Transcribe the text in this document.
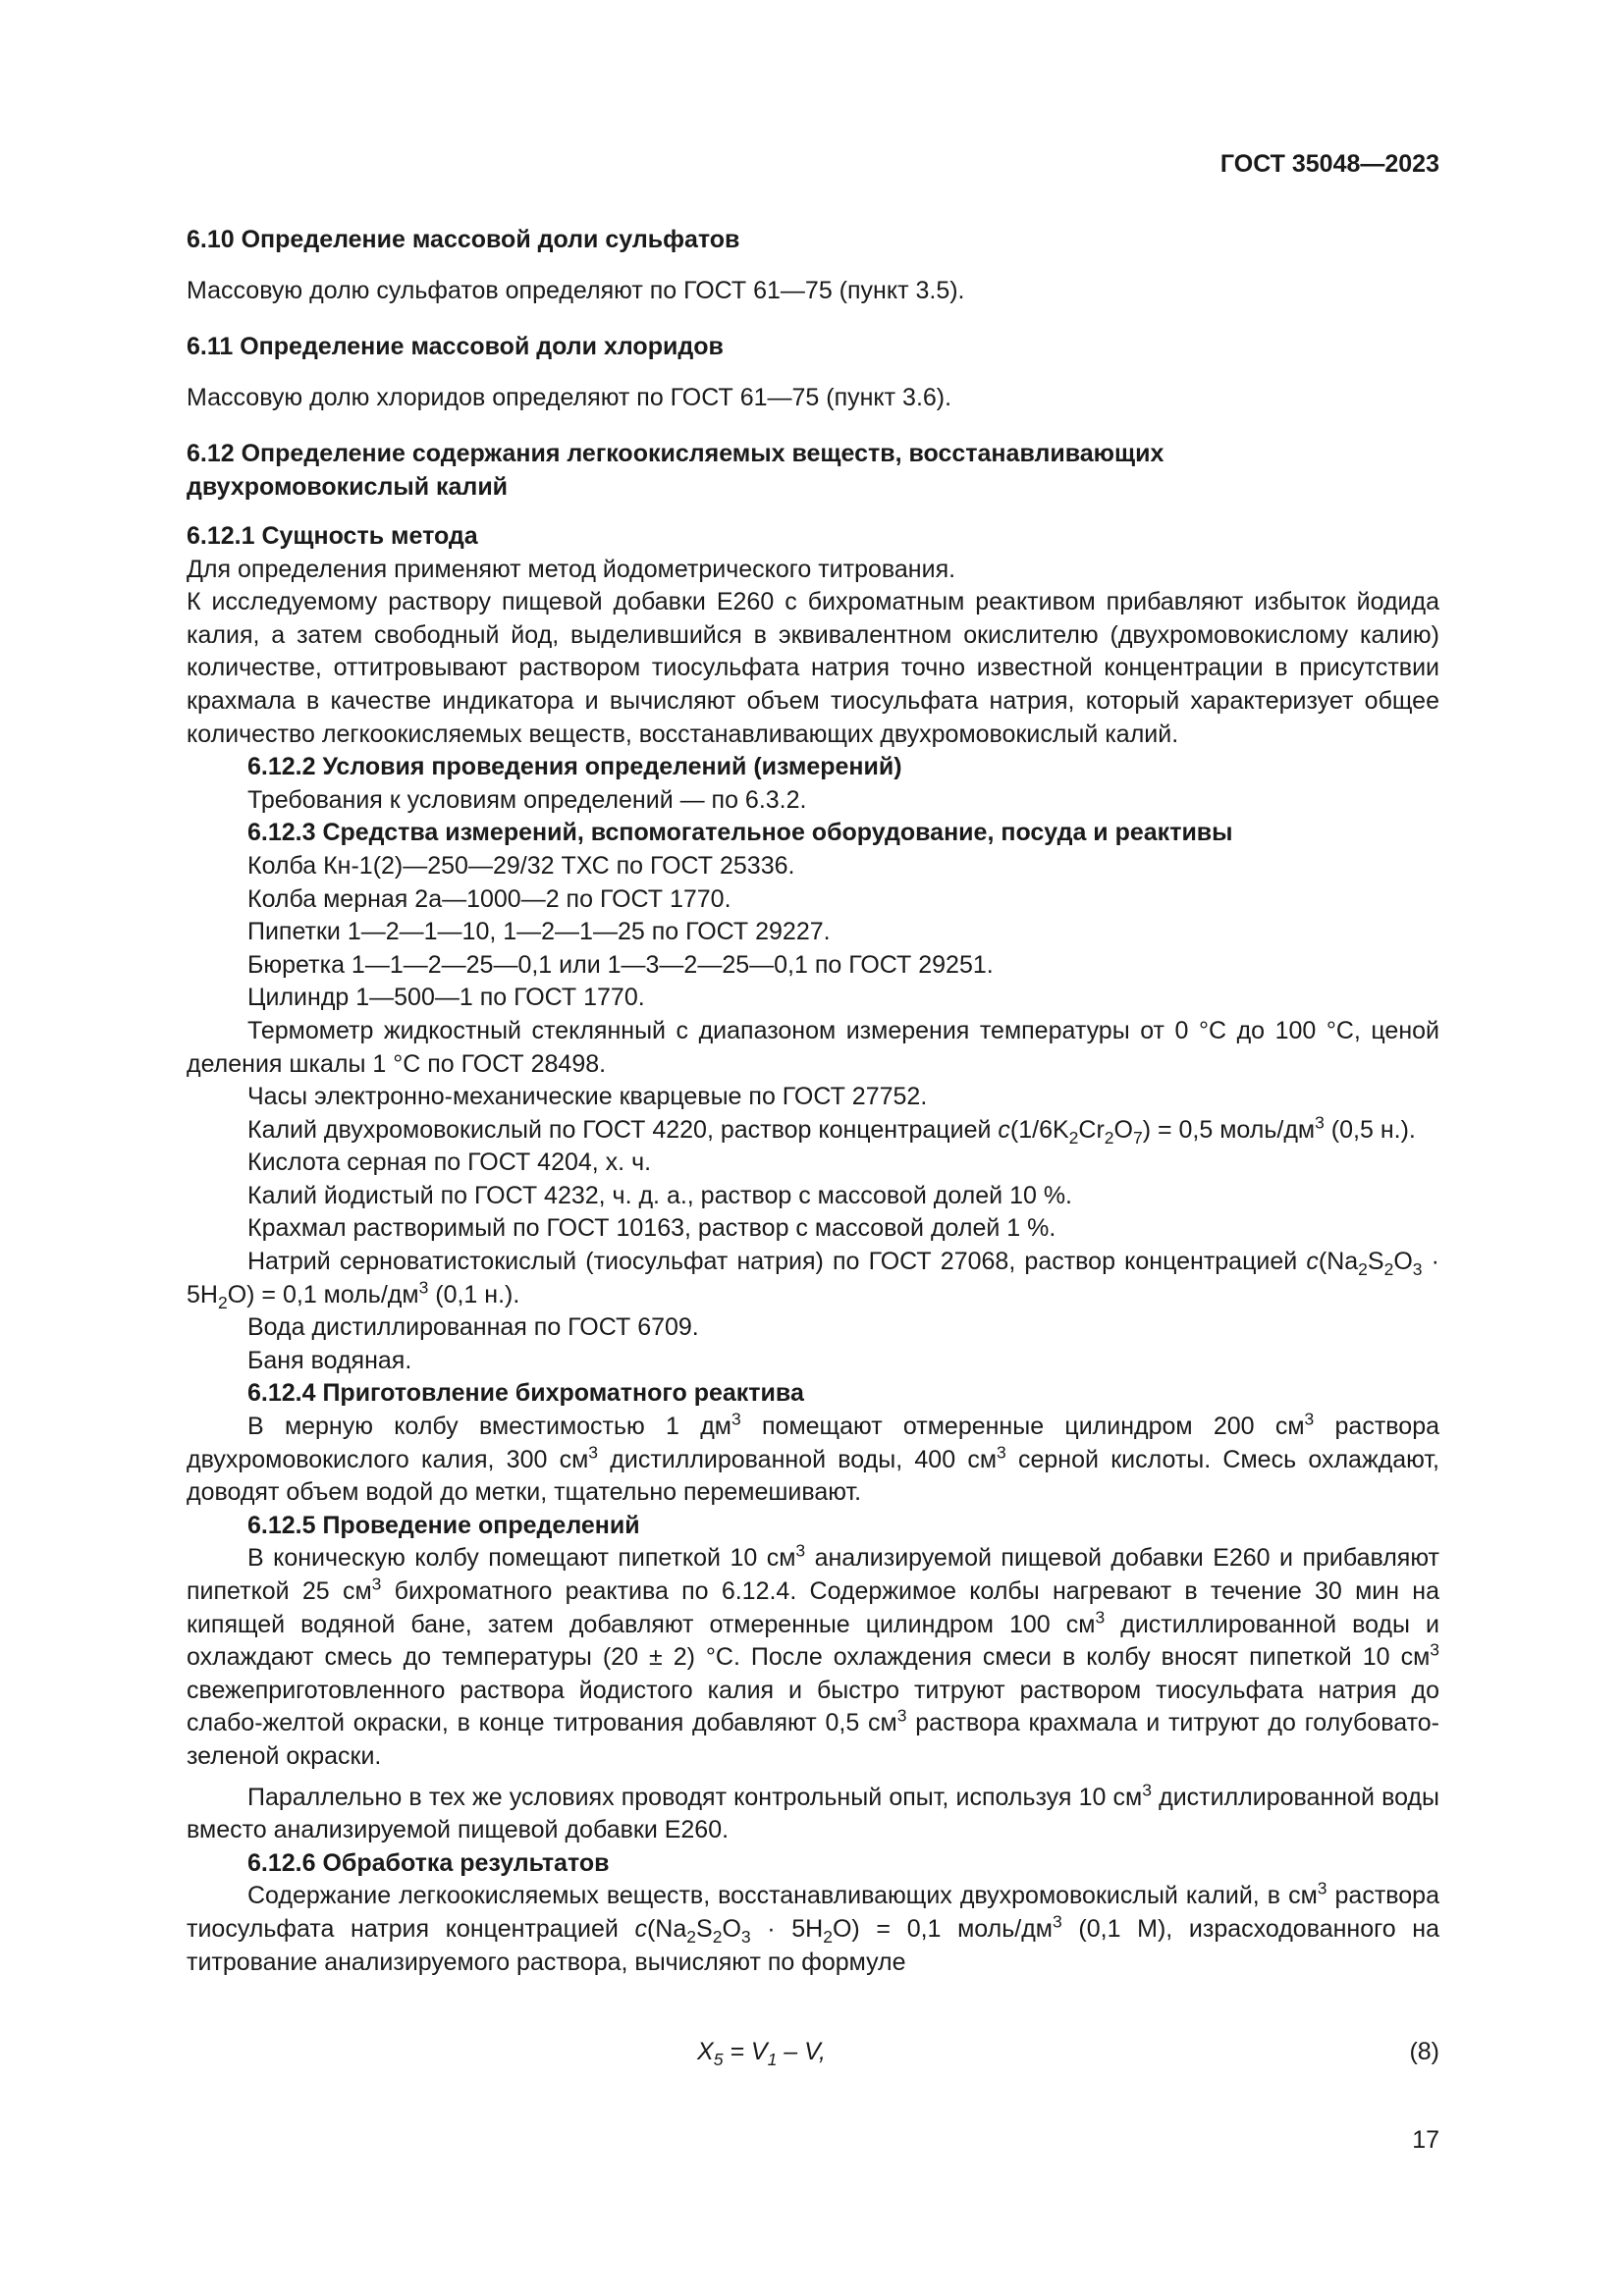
ГОСТ 35048—2023
6.10 Определение массовой доли сульфатов
Массовую долю сульфатов определяют по ГОСТ 61—75 (пункт 3.5).
6.11 Определение массовой доли хлоридов
Массовую долю хлоридов определяют по ГОСТ 61—75 (пункт 3.6).
6.12 Определение содержания легкоокисляемых веществ, восстанавливающих
двухромовокислый калий
6.12.1 Сущность метода
Для определения применяют метод йодометрического титрования.
К исследуемому раствору пищевой добавки Е260 с бихроматным реактивом прибавляют избыток йодида калия, а затем свободный йод, выделившийся в эквивалентном окислителю (двухромовокислому калию) количестве, оттитровывают раствором тиосульфата натрия точно известной концентрации в присутствии крахмала в качестве индикатора и вычисляют объем тиосульфата натрия, который характеризует общее количество легкоокисляемых веществ, восстанавливающих двухромовокислый калий.
6.12.2 Условия проведения определений (измерений)
Требования к условиям определений — по 6.3.2.
6.12.3 Средства измерений, вспомогательное оборудование, посуда и реактивы
Колба Кн-1(2)—250—29/32 ТХС по ГОСТ 25336.
Колба мерная 2а—1000—2 по ГОСТ 1770.
Пипетки 1—2—1—10, 1—2—1—25 по ГОСТ 29227.
Бюретка 1—1—2—25—0,1 или 1—3—2—25—0,1 по ГОСТ 29251.
Цилиндр 1—500—1 по ГОСТ 1770.
Термометр жидкостный стеклянный с диапазоном измерения температуры от 0 °С до 100 °С, ценой деления шкалы 1 °С по ГОСТ 28498.
Часы электронно-механические кварцевые по ГОСТ 27752.
Калий двухромовокислый по ГОСТ 4220, раствор концентрацией $c(1/6K_2Cr_2O_7) = 0,5$ моль/$дм^3$ (0,5 н.).
Кислота серная по ГОСТ 4204, х. ч.
Калий йодистый по ГОСТ 4232, ч. д. а., раствор с массовой долей 10 %.
Крахмал растворимый по ГОСТ 10163, раствор с массовой долей 1 %.
Натрий серноватистокислый (тиосульфат натрия) по ГОСТ 27068, раствор концентрацией $c(Na_2S_2O_3 \cdot 5H_2O) = 0,1$ моль/$дм^3$ (0,1 н.).
Вода дистиллированная по ГОСТ 6709.
Баня водяная.
6.12.4 Приготовление бихроматного реактива
В мерную колбу вместимостью 1 $дм^3$ помещают отмеренные цилиндром 200 $см^3$ раствора двухромовокислого калия, 300 $см^3$ дистиллированной воды, 400 $см^3$ серной кислоты. Смесь охлаждают, доводят объем водой до метки, тщательно перемешивают.
6.12.5 Проведение определений
В коническую колбу помещают пипеткой 10 $см^3$ анализируемой пищевой добавки Е260 и прибавляют пипеткой 25 $см^3$ бихроматного реактива по 6.12.4. Содержимое колбы нагревают в течение 30 мин на кипящей водяной бане, затем добавляют отмеренные цилиндром 100 $см^3$ дистиллированной воды и охлаждают смесь до температуры (20 ± 2) °С. После охлаждения смеси в колбу вносят пипеткой 10 $см^3$ свежеприготовленного раствора йодистого калия и быстро титруют раствором тиосульфата натрия до слабо-желтой окраски, в конце титрования добавляют 0,5 $см^3$ раствора крахмала и титруют до голубовато-зеленой окраски.
Параллельно в тех же условиях проводят контрольный опыт, используя 10 $см^3$ дистиллированной воды вместо анализируемой пищевой добавки Е260.
6.12.6 Обработка результатов
Содержание легкоокисляемых веществ, восстанавливающих двухромовокислый калий, в $см^3$ раствора тиосульфата натрия концентрацией $c(Na_2S_2O_3 \cdot 5H_2O) = 0,1$ моль/$дм^3$ (0,1 М), израсходованного на титрование анализируемого раствора, вычисляют по формуле
$X_5 = V_1 - V$,	(8)
17
